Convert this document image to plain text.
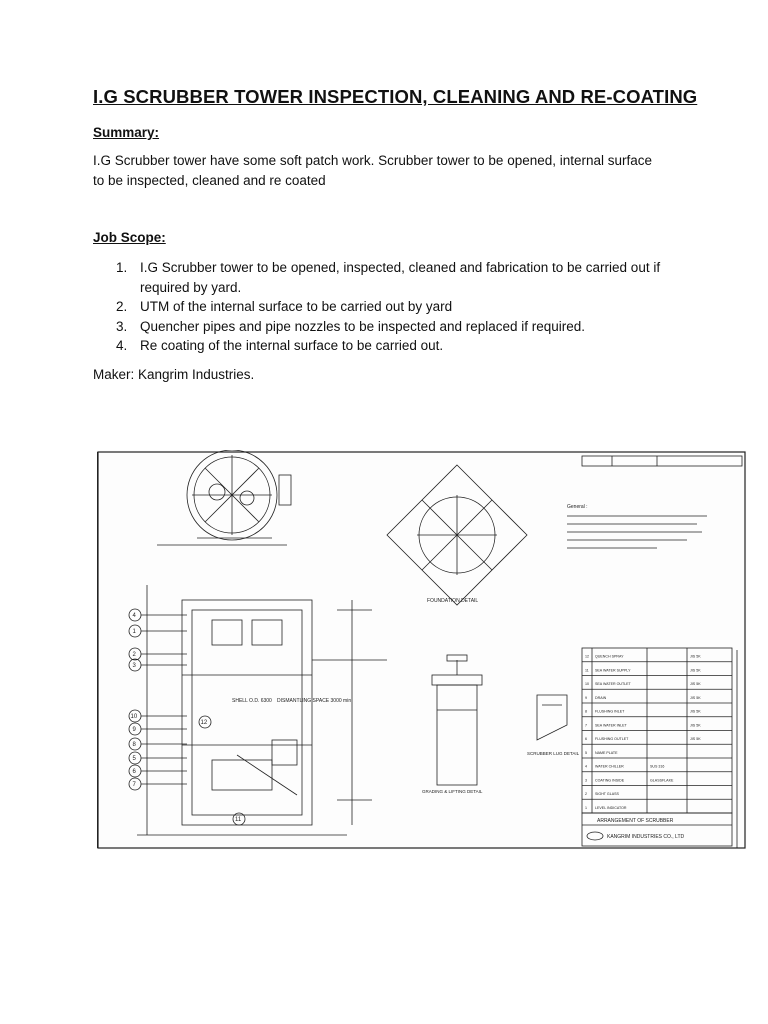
I.G SCRUBBER TOWER INSPECTION, CLEANING AND RE-COATING
Summary:
I.G Scrubber tower have some soft patch work. Scrubber tower to be opened, internal surface to be inspected, cleaned and re coated
Job Scope:
1. I.G Scrubber tower to be opened, inspected, cleaned and fabrication to be carried out if required by yard.
2. UTM of the internal surface to be carried out by yard
3. Quencher pipes and pipe nozzles to be inspected and replaced if required.
4. Re coating of the internal surface to be carried out.
Maker: Kangrim Industries.
FOUNDATION DETAIL
General :
SHELL O.D. 6300 DISMANTLING SPACE 3000 min
4
1
2
3
10
12
9
8
5
6
7
11
GRADING & LIFTING DETAIL
SCRUBBER LUG DETAIL
12 QUENCH SPRAY	JIS 5K
11 SEA WATER SUPPLY	JIS 5K
10 SEA WATER OUTLET	JIS 5K
9 DRAIN	JIS 5K
8 FLUSHING INLET	JIS 5K
7 SEA WATER INLET	JIS 5K
6 FLUSHING OUTLET	JIS 5K
5 NAME PLATE
4 WATER CHILLER	SUS 316
3 COATING INSIDE	GLASSFLAKE
2 SIGHT GLASS
1 LEVEL INDICATOR
ARRANGEMENT OF SCRUBBER
KANGRIM INDUSTRIES CO., LTD
